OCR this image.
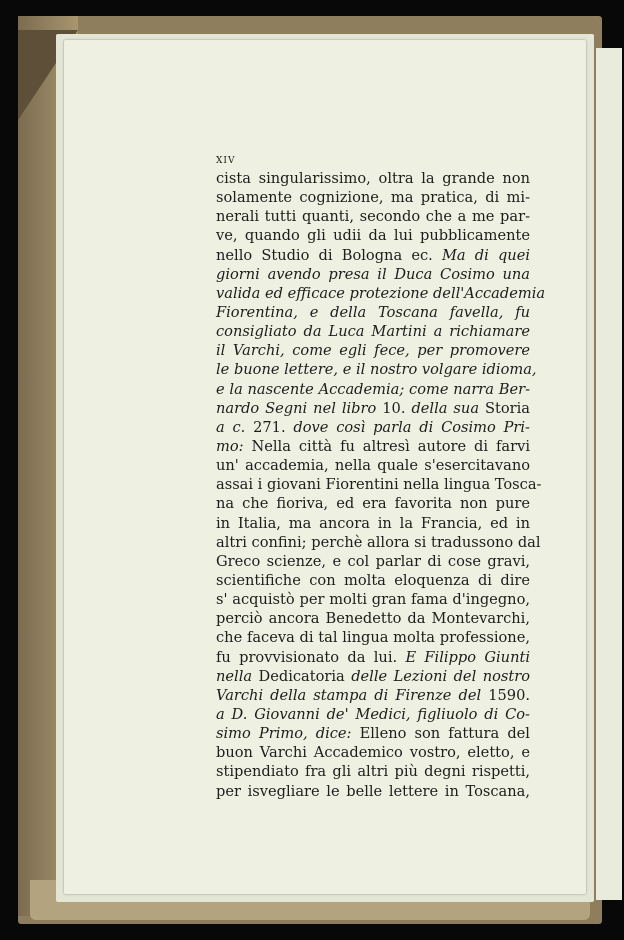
xiv
cista singularissimo, oltra la grande non
solamente cognizione, ma pratica, di mi-
nerali tutti quanti, secondo che a me par-
ve, quando gli udii da lui pubblicamente
nello Studio di Bologna ec. Ma di quei
giorni avendo presa il Duca Cosimo una
valida ed efficace protezione dell'Accademia
Fiorentina, e della Toscana favella, fu
consigliato da Luca Martini a richiamare
il Varchi, come egli fece, per promovere
le buone lettere, e il nostro volgare idioma,
e la nascente Accademia; come narra Ber-
nardo Segni nel libro 10. della sua Storia
a c. 271. dove così parla di Cosimo Pri-
mo: Nella città fu altresì autore di farvi
un' accademia, nella quale s'esercitavano
assai i giovani Fiorentini nella lingua Tosca-
na che fioriva, ed era favorita non pure
in Italia, ma ancora in la Francia, ed in
altri confini; perchè allora si tradussono dal
Greco scienze, e col parlar di cose gravi,
scientifiche con molta eloquenza di dire
s' acquistò per molti gran fama d'ingegno,
perciò ancora Benedetto da Montevarchi,
che faceva di tal lingua molta professione,
fu provvisionato da lui. E Filippo Giunti
nella Dedicatoria delle Lezioni del nostro
Varchi della stampa di Firenze del 1590.
a D. Giovanni de' Medici, figliuolo di Co-
simo Primo, dice: Elleno son fattura del
buon Varchi Accademico vostro, eletto, e
stipendiato fra gli altri più degni rispetti,
per isvegliare le belle lettere in Toscana,
